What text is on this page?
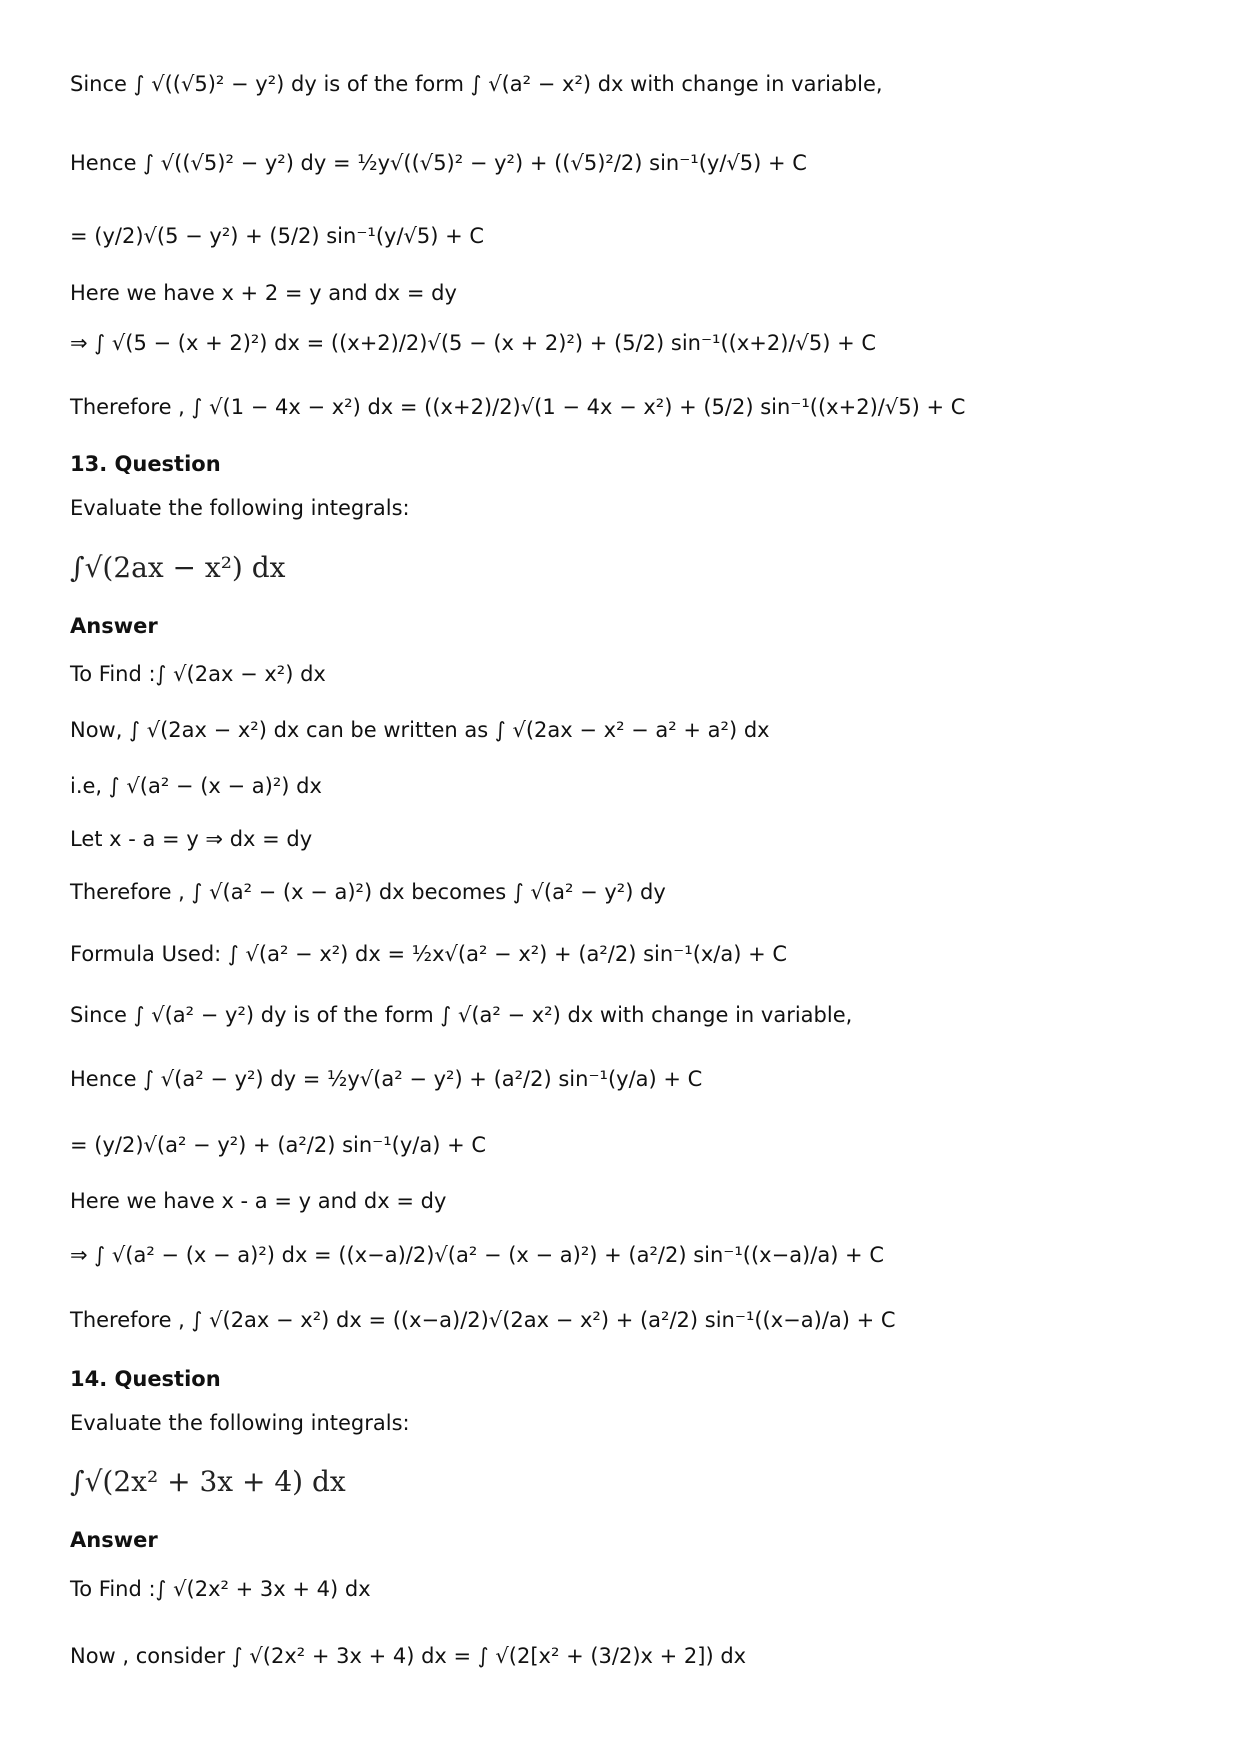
Since ∫ √((√5)² − y²) dy is of the form ∫ √(a² − x²) dx with change in variable,
Hence ∫ √((√5)² − y²) dy = ½y√((√5)² − y²) + ((√5)²/2) sin⁻¹(y/√5) + C
= (y/2)√(5 − y²) + (5/2) sin⁻¹(y/√5) + C
Here we have x + 2 = y and dx = dy
⇒ ∫ √(5 − (x + 2)²) dx = ((x+2)/2)√(5 − (x + 2)²) + (5/2) sin⁻¹((x+2)/√5) + C
Therefore , ∫ √(1 − 4x − x²) dx = ((x+2)/2)√(1 − 4x − x²) + (5/2) sin⁻¹((x+2)/√5) + C
13. Question
Evaluate the following integrals:
∫√(2ax − x²) dx
Answer
To Find :∫ √(2ax − x²) dx
Now, ∫ √(2ax − x²) dx can be written as ∫ √(2ax − x² − a² + a²) dx
i.e, ∫ √(a² − (x − a)²) dx
Let x - a = y ⇒ dx = dy
Therefore , ∫ √(a² − (x − a)²) dx becomes ∫ √(a² − y²) dy
Formula Used: ∫ √(a² − x²) dx = ½x√(a² − x²) + (a²/2) sin⁻¹(x/a) + C
Since ∫ √(a² − y²) dy is of the form ∫ √(a² − x²) dx with change in variable,
Hence ∫ √(a² − y²) dy = ½y√(a² − y²) + (a²/2) sin⁻¹(y/a) + C
= (y/2)√(a² − y²) + (a²/2) sin⁻¹(y/a) + C
Here we have x - a = y and dx = dy
⇒ ∫ √(a² − (x − a)²) dx = ((x−a)/2)√(a² − (x − a)²) + (a²/2) sin⁻¹((x−a)/a) + C
Therefore , ∫ √(2ax − x²) dx = ((x−a)/2)√(2ax − x²) + (a²/2) sin⁻¹((x−a)/a) + C
14. Question
Evaluate the following integrals:
∫√(2x² + 3x + 4) dx
Answer
To Find :∫ √(2x² + 3x + 4) dx
Now , consider ∫ √(2x² + 3x + 4) dx = ∫ √(2[x² + (3/2)x + 2]) dx
